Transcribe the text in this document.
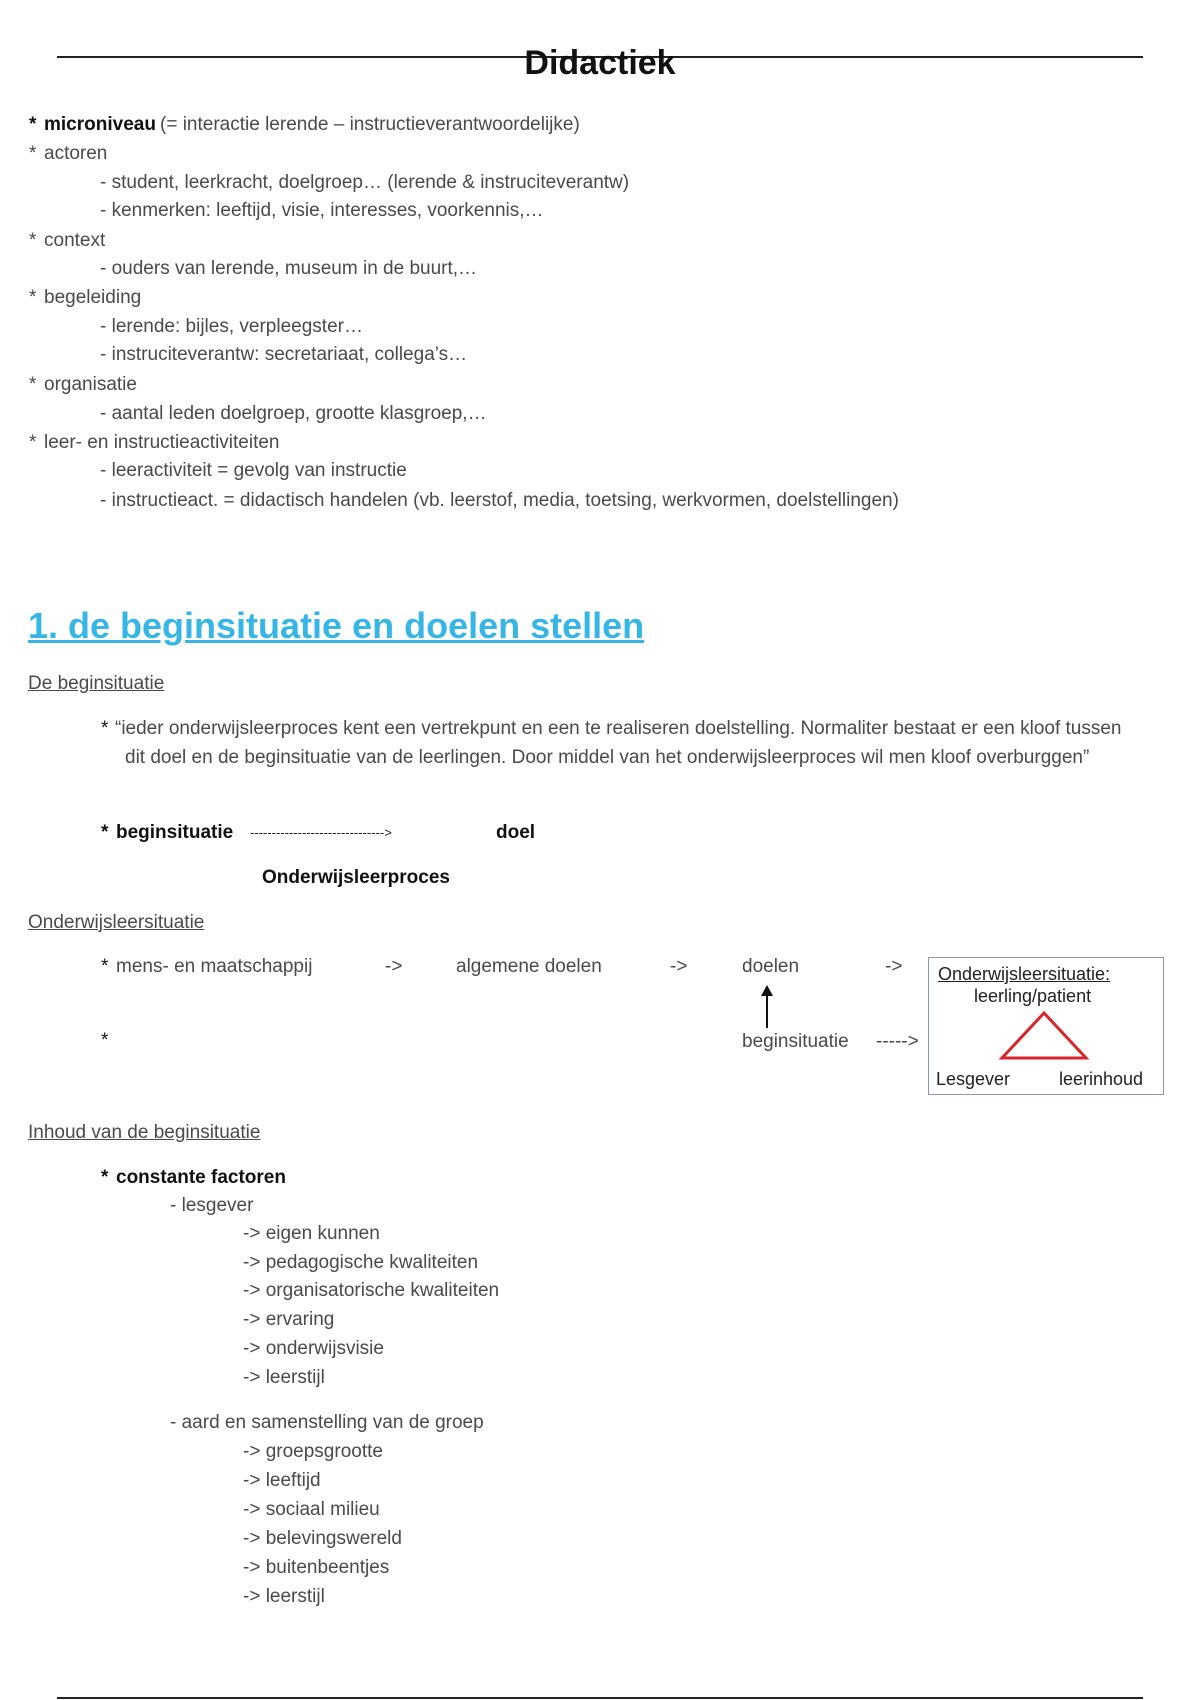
Didactiek
* microniveau (= interactie lerende – instructieverantwoordelijke)
* actoren
- student, leerkracht, doelgroep… (lerende & instruciteverantw)
- kenmerken: leeftijd, visie, interesses, voorkennis,…
* context
- ouders van lerende, museum in de buurt,…
* begeleiding
- lerende: bijles, verpleegster…
- instruciteverantw: secretariaat, collega’s…
* organisatie
- aantal leden doelgroep, grootte klasgroep,…
* leer- en instructieactiviteiten
- leeractiviteit = gevolg van instructie
- instructieact. = didactisch handelen (vb. leerstof, media, toetsing, werkvormen, doelstellingen)
1. de beginsituatie en doelen stellen
De beginsituatie
* “ieder onderwijsleerproces kent een vertrekpunt en een te realiseren doelstelling. Normaliter bestaat er een kloof tussen dit doel en de beginsituatie van de leerlingen. Door middel van het onderwijsleerproces wil men kloof overburggen”
* beginsituatie ------------------------------->	doel
Onderwijsleerproces
Onderwijsleersituatie
* mens- en maatschappij	->	algemene doelen	->	doelen	->
*	beginsituatie ----->
Onderwijsleersituatie:
leerling/patient
Lesgever	leerinhoud
Inhoud van de beginsituatie
* constante factoren
- lesgever
-> eigen kunnen
-> pedagogische kwaliteiten
-> organisatorische kwaliteiten
-> ervaring
-> onderwijsvisie
-> leerstijl
- aard en samenstelling van de groep
-> groepsgrootte
-> leeftijd
-> sociaal milieu
-> belevingswereld
-> buitenbeentjes
-> leerstijl
